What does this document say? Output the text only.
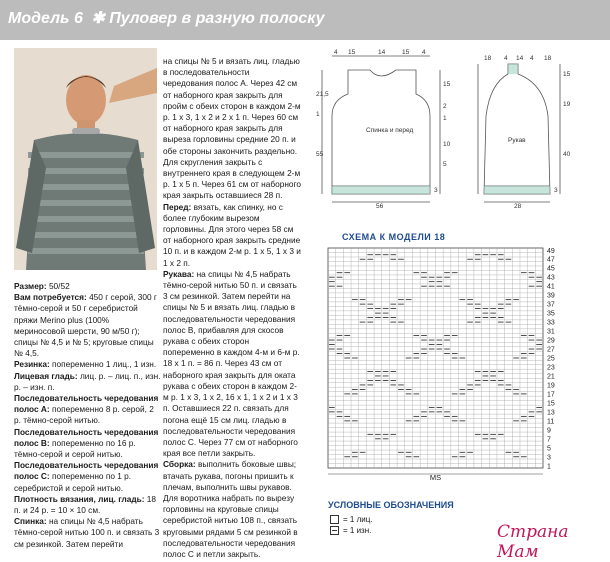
Модель 6 ✱ Пуловер в разную полоску

Размер: 50/52

Вам потребуется: 450 г серой, 300 г тёмно-серой и 50 г серебристой пряжи Merino plus (100% мериносовой шерсти, 90 м/50 г); спицы № 4,5 и № 5; круговые спицы № 4,5.

Резинка: попеременно 1 лиц., 1 изн.

Лицевая гладь: лиц. р. – лиц. п., изн. р. – изн. п.

Последовательность чередования полос А: попеременно 8 р. серой, 2 р. тёмно-серой нитью.

Последовательность чередования полос В: попеременно по 16 р. тёмно-серой и серой нитью.

Последовательность чередования полос С: попеременно по 1 р. серебристой и серой нитью.

Плотность вязания, лиц. гладь: 18 п. и 24 р. = 10 × 10 см.

Спинка: на спицы № 4,5 набрать тёмно-серой нитью 100 п. и связать 3 см резинкой. Затем перейти

на спицы № 5 и вязать лиц. гладью в последовательности чередования полос А. Через 42 см от наборного края закрыть для пройм с обеих сторон в каждом 2-м р. 1 х 3, 1 х 2 и 2 х 1 п. Через 60 см от наборного края закрыть для выреза горловины средние 20 п. и обе стороны закончить раздельно. Для скругления закрыть с внутреннего края в следующем 2-м р. 1 х 5 п. Через 61 см от наборного края закрыть оставшиеся 28 п.

Перед: вязать, как спинку, но с более глубоким вырезом горловины. Для этого через 58 см от наборного края закрыть средние 10 п. и в каждом 2-м р. 1 х 5, 1 х 3 и 1 х 2 п.

Рукава: на спицы № 4,5 набрать тёмно-серой нитью 50 п. и связать 3 см резинкой. Затем перейти на спицы № 5 и вязать лиц. гладью в последовательности чередования полос В, прибавляя для скосов рукава с обеих сторон попеременно в каждом 4-м и 6-м р. 18 х 1 п. = 86 п. Через 43 см от наборного края закрыть для оката рукава с обеих сторон в каждом 2-м р. 1 х 3, 1 х 2, 16 х 1, 1 х 2 и 1 х 3 п. Оставшиеся 22 п. связать для погона ещё 15 см лиц. гладью в последовательности чередования полос С. Через 77 см от наборного края все петли закрыть.

Сборка: выполнить боковые швы; втачать рукава, погоны пришить к плечам, выполнить швы рукавов. Для воротника набрать по вырезу горловины на круговые спицы серебристой нитью 108 п., связать круговыми рядами 5 см резинкой в последовательности чередования полос С и петли закрыть.

Спинка и перед
Рукав
4 15	14	15 4
21,5
1
55
15
2
1
10
5
3
56
18 4 14 4 18
15
19
40
3
28
СХЕМА К МОДЕЛИ 18
49
47
45
43
41
39
37
35
33
31
29
27
25
23
21
19
17
15
13
11
9
7
5
3
1
MS
УСЛОВНЫЕ ОБОЗНАЧЕНИЯ
= 1 лиц.
= 1 изн.	Страна Мам
